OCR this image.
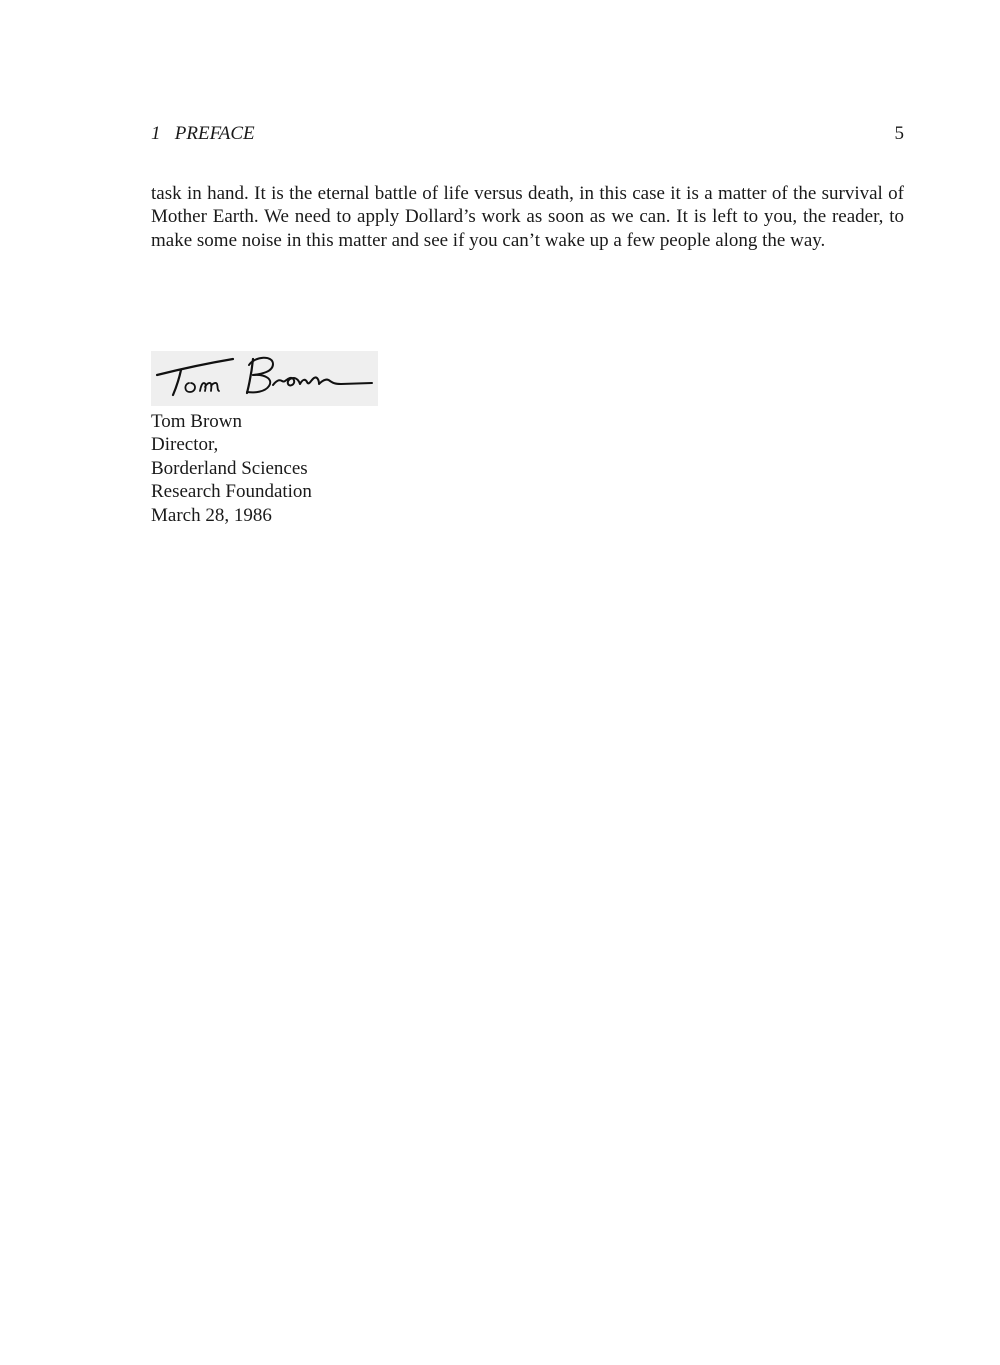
1   PREFACE	5

task in hand. It is the eternal battle of life versus death, in this case it is a matter of the survival of Mother Earth. We need to apply Dollard’s work as soon as we can. It is left to you, the reader, to make some noise in this matter and see if you can’t wake up a few people along the way.

Tom Brown
Director,
Borderland Sciences
Research Foundation
March 28, 1986
